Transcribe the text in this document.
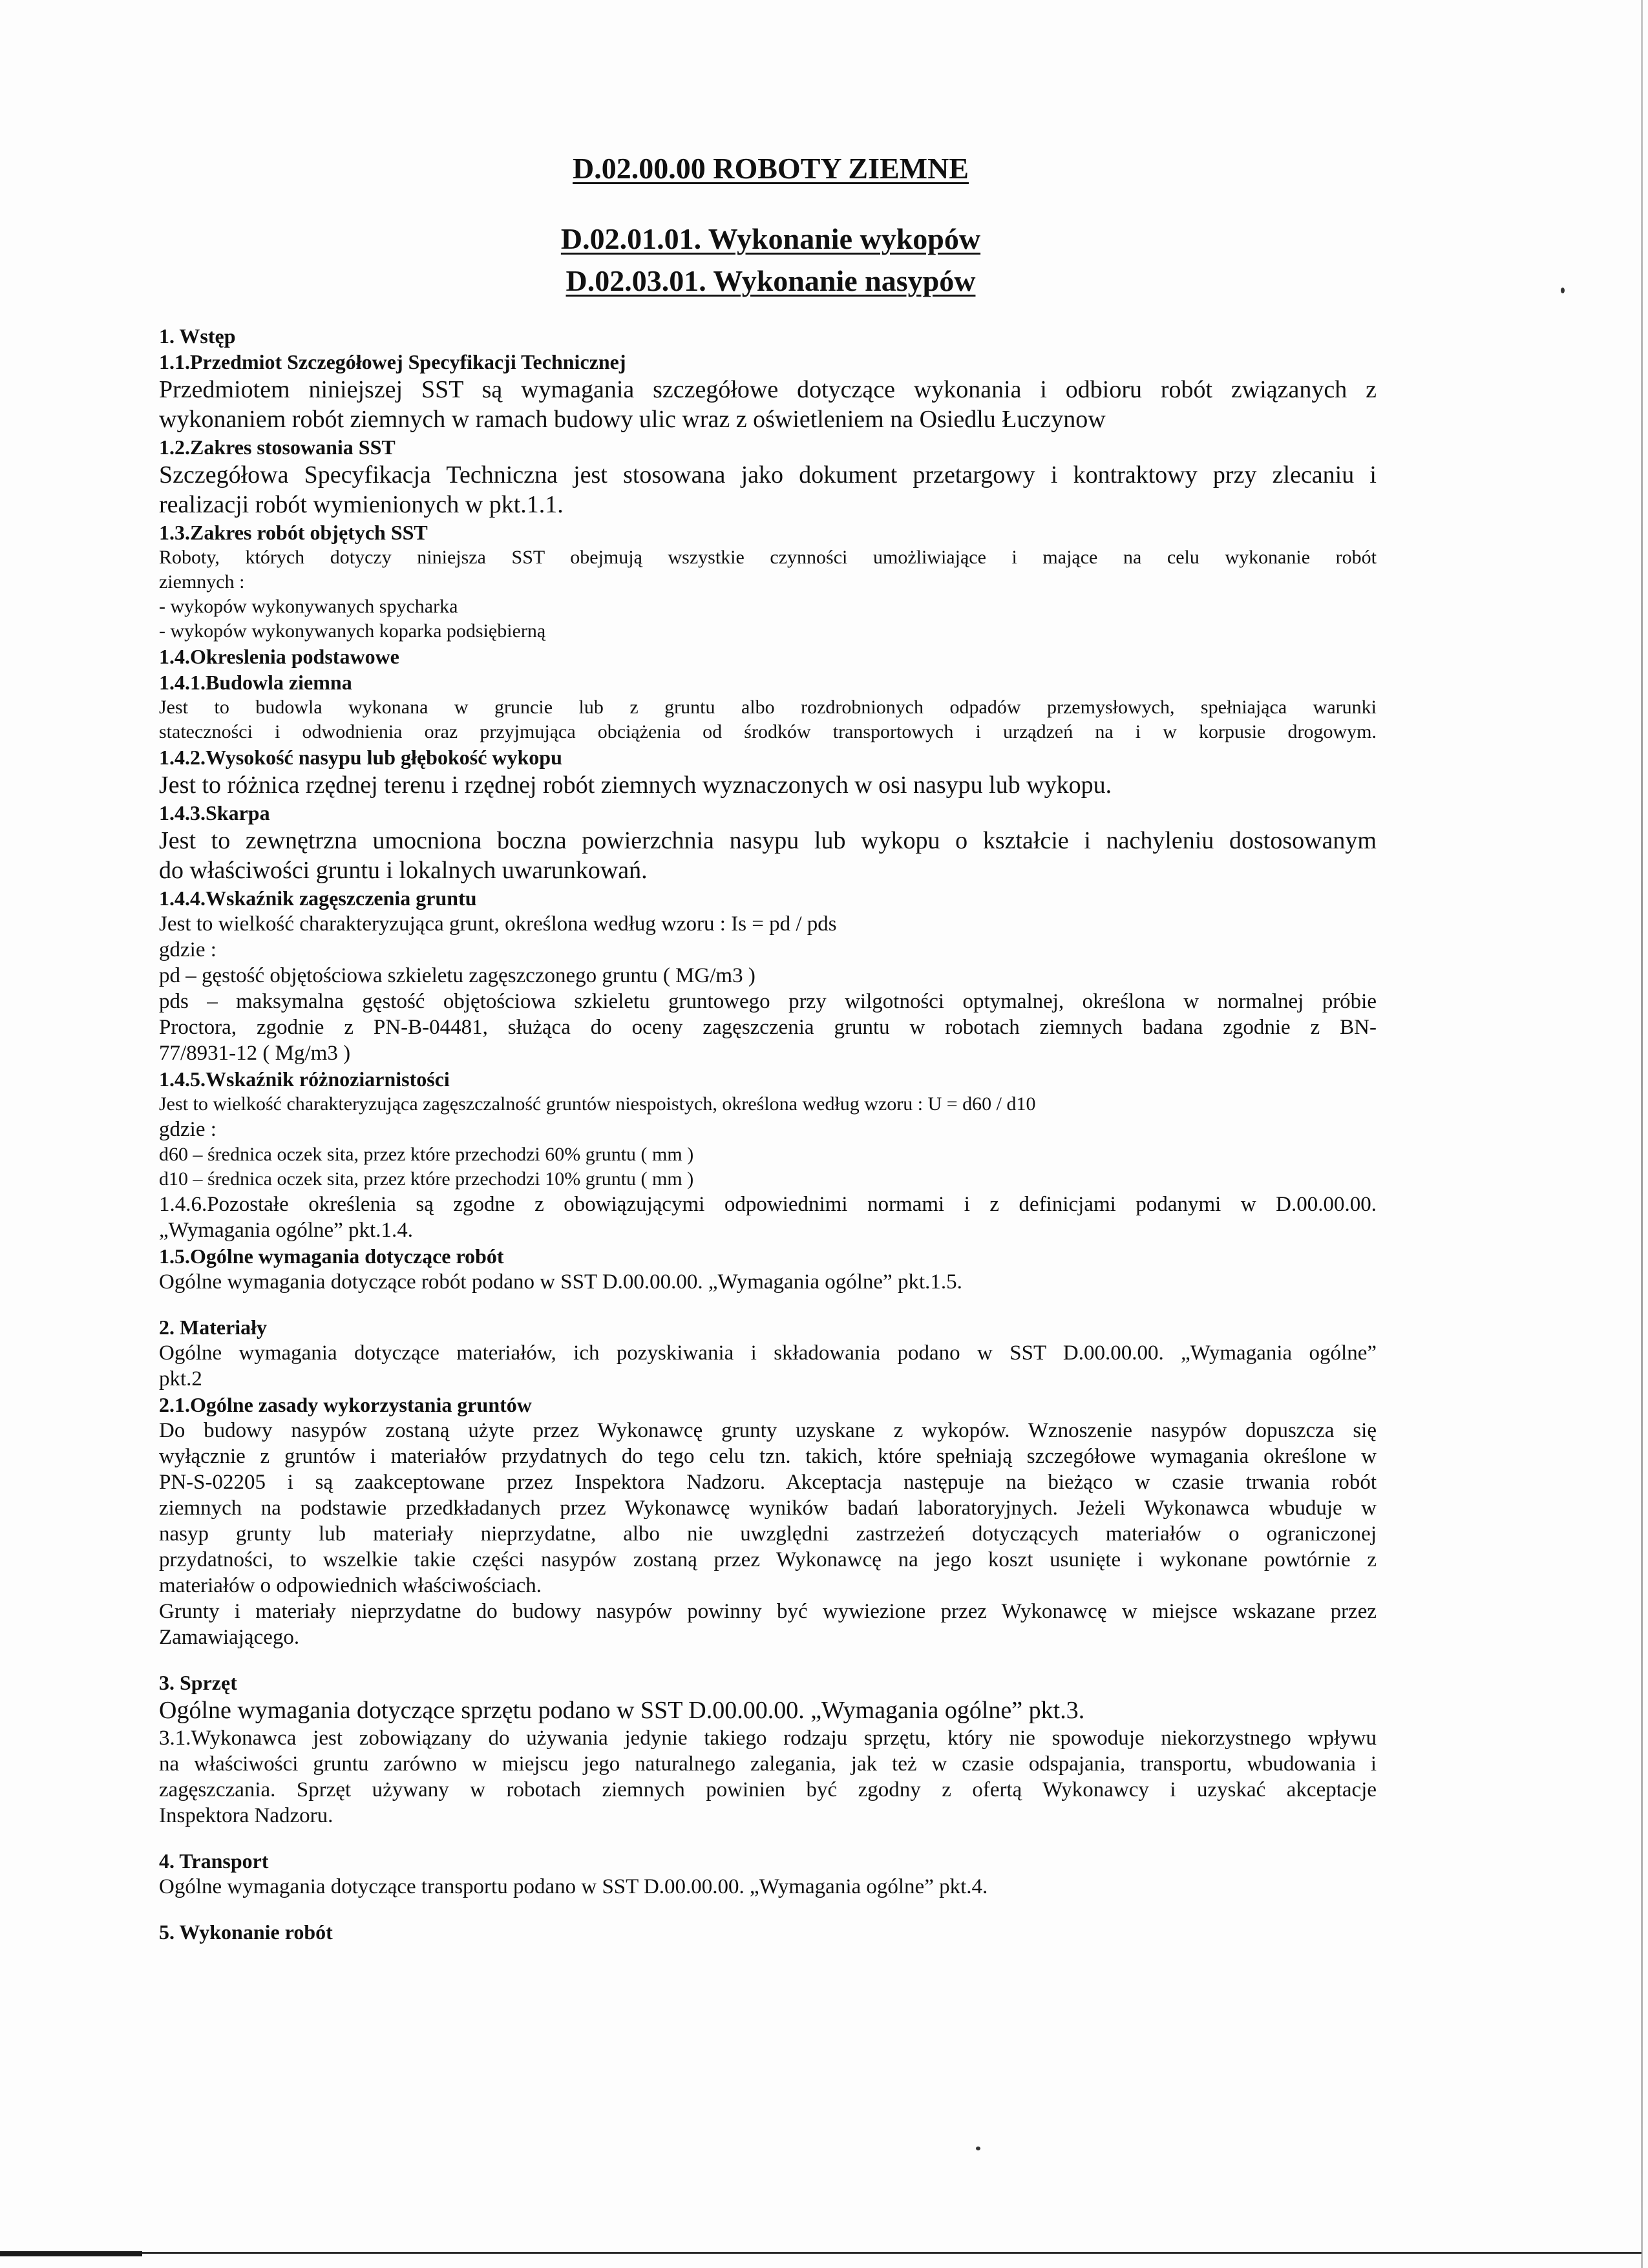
D.02.00.00 ROBOTY ZIEMNE
D.02.01.01. Wykonanie wykopów
D.02.03.01. Wykonanie nasypów
1. Wstęp
1.1.Przedmiot Szczegółowej Specyfikacji Technicznej
Przedmiotem niniejszej SST są wymagania szczegółowe dotyczące wykonania i odbioru robót związanych z
wykonaniem robót ziemnych w ramach budowy ulic wraz z oświetleniem na Osiedlu Łuczynow
1.2.Zakres stosowania SST
Szczegółowa Specyfikacja Techniczna jest stosowana jako dokument przetargowy i kontraktowy przy zlecaniu i
realizacji robót wymienionych w pkt.1.1.
1.3.Zakres robót objętych SST
Roboty, których dotyczy niniejsza SST obejmują wszystkie czynności umożliwiające i mające na celu wykonanie robót
ziemnych :
- wykopów wykonywanych spycharka
- wykopów wykonywanych koparka podsiębierną
1.4.Okreslenia podstawowe
1.4.1.Budowla ziemna
Jest to budowla wykonana w gruncie lub z gruntu albo rozdrobnionych odpadów przemysłowych, spełniająca warunki
stateczności i odwodnienia oraz przyjmująca obciążenia od środków transportowych i urządzeń na i w korpusie drogowym.
1.4.2.Wysokość nasypu lub głębokość wykopu
Jest to różnica rzędnej terenu i rzędnej robót ziemnych wyznaczonych w osi nasypu lub wykopu.
1.4.3.Skarpa
Jest to zewnętrzna umocniona boczna powierzchnia nasypu lub wykopu o kształcie i nachyleniu dostosowanym
do właściwości gruntu i lokalnych uwarunkowań.
1.4.4.Wskaźnik zagęszczenia gruntu
Jest to wielkość charakteryzująca grunt, określona według wzoru : Is = pd / pds
gdzie :
pd – gęstość objętościowa szkieletu zagęszczonego gruntu ( MG/m3 )
pds – maksymalna gęstość objętościowa szkieletu gruntowego przy wilgotności optymalnej, określona w normalnej próbie
Proctora, zgodnie z PN-B-04481, służąca do oceny zagęszczenia gruntu w robotach ziemnych badana zgodnie z BN-
77/8931-12 ( Mg/m3 )
1.4.5.Wskaźnik różnoziarnistości
Jest to wielkość charakteryzująca zagęszczalność gruntów niespoistych, określona według wzoru : U = d60 / d10
gdzie :
d60 – średnica oczek sita, przez które przechodzi 60% gruntu ( mm )
d10 – średnica oczek sita, przez które przechodzi 10% gruntu ( mm )
1.4.6.Pozostałe określenia są zgodne z obowiązującymi odpowiednimi normami i z definicjami podanymi w D.00.00.00.
„Wymagania ogólne” pkt.1.4.
1.5.Ogólne wymagania dotyczące robót
Ogólne wymagania dotyczące robót podano w SST D.00.00.00. „Wymagania ogólne” pkt.1.5.
2. Materiały
Ogólne wymagania dotyczące materiałów, ich pozyskiwania i składowania podano w SST D.00.00.00. „Wymagania ogólne”
pkt.2
2.1.Ogólne zasady wykorzystania gruntów
Do budowy nasypów zostaną użyte przez Wykonawcę grunty uzyskane z wykopów. Wznoszenie nasypów dopuszcza się
wyłącznie z gruntów i materiałów przydatnych do tego celu tzn. takich, które spełniają szczegółowe wymagania określone w
PN-S-02205 i są zaakceptowane przez Inspektora Nadzoru. Akceptacja następuje na bieżąco w czasie trwania robót
ziemnych na podstawie przedkładanych przez Wykonawcę wyników badań laboratoryjnych. Jeżeli Wykonawca wbuduje w
nasyp grunty lub materiały nieprzydatne, albo nie uwzględni zastrzeżeń dotyczących materiałów o ograniczonej
przydatności, to wszelkie takie części nasypów zostaną przez Wykonawcę na jego koszt usunięte i wykonane powtórnie z
materiałów o odpowiednich właściwościach.
Grunty i materiały nieprzydatne do budowy nasypów powinny być wywiezione przez Wykonawcę w miejsce wskazane przez
Zamawiającego.
3. Sprzęt
Ogólne wymagania dotyczące sprzętu podano w SST D.00.00.00. „Wymagania ogólne” pkt.3.
3.1.Wykonawca jest zobowiązany do używania jedynie takiego rodzaju sprzętu, który nie spowoduje niekorzystnego wpływu
na właściwości gruntu zarówno w miejscu jego naturalnego zalegania, jak też w czasie odspajania, transportu, wbudowania i
zagęszczania. Sprzęt używany w robotach ziemnych powinien być zgodny z ofertą Wykonawcy i uzyskać akceptacje
Inspektora Nadzoru.
4. Transport
Ogólne wymagania dotyczące transportu podano w SST D.00.00.00. „Wymagania ogólne” pkt.4.
5. Wykonanie robót
